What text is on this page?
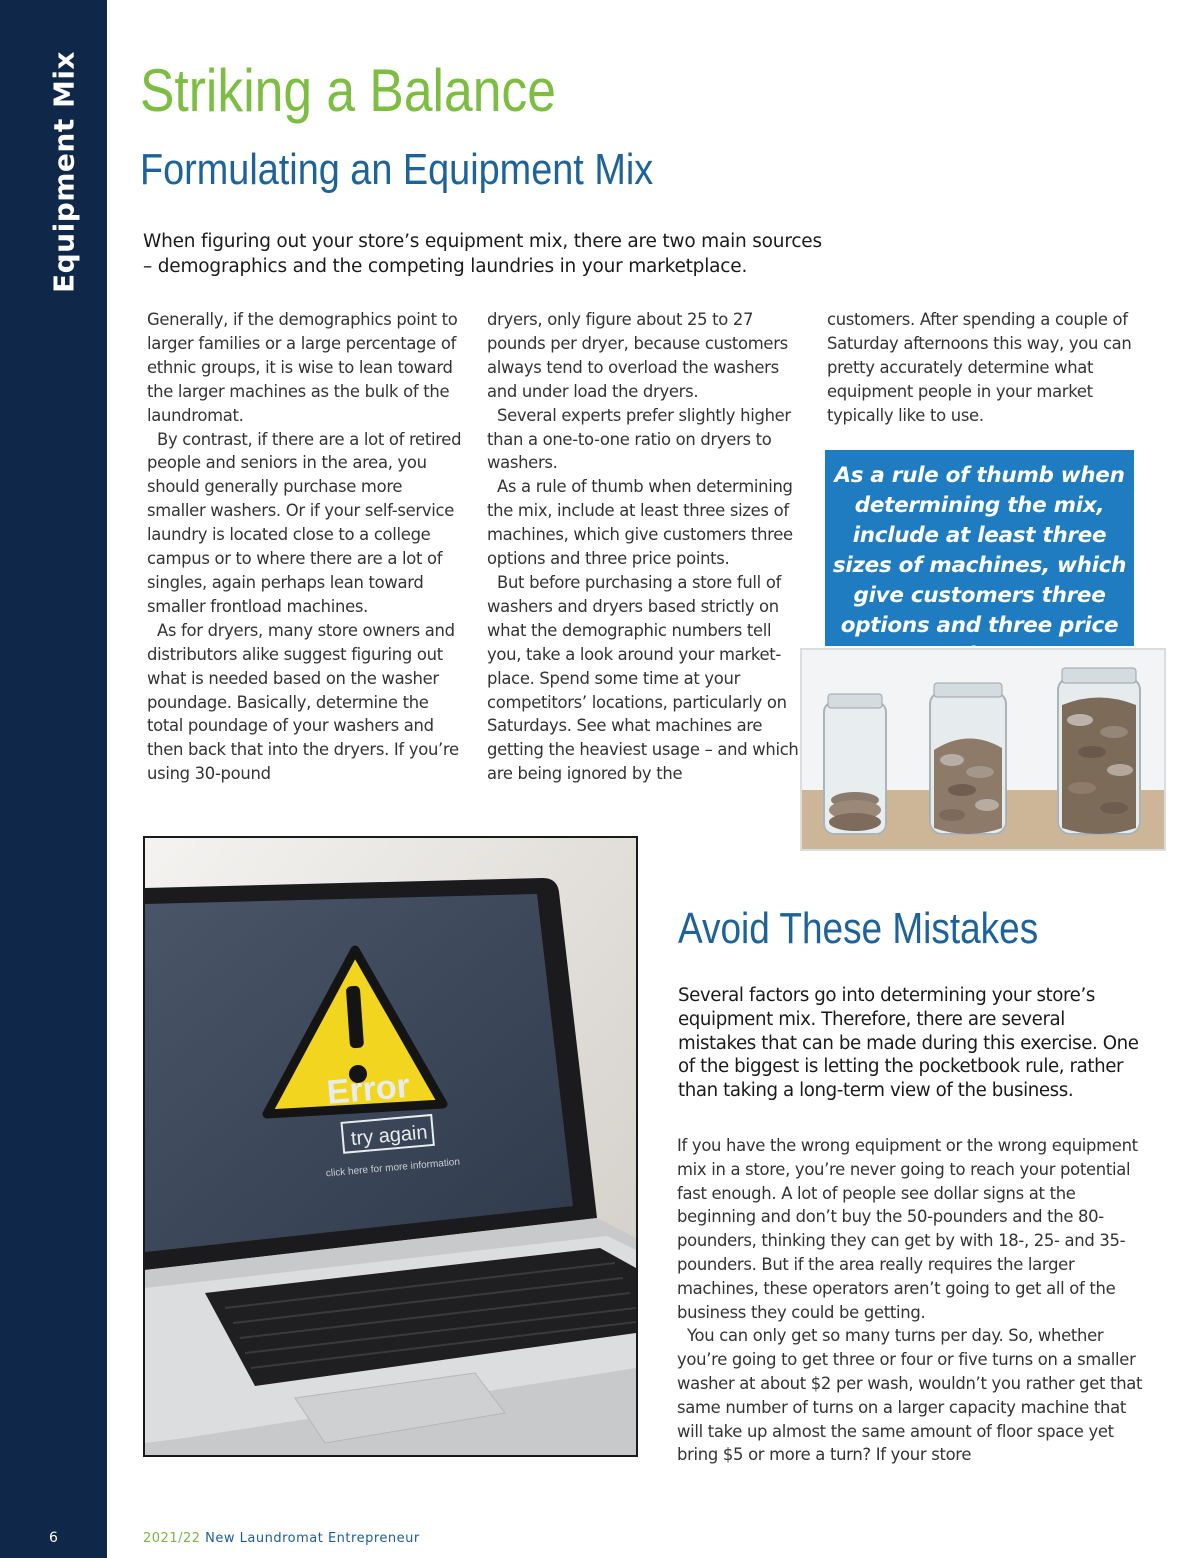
Equipment Mix
6
Striking a Balance
Formulating an Equipment Mix

When figuring out your store’s equipment mix, there are two main sources – demographics and the competing laundries in your marketplace.

Generally, if the demographics point to larger families or a large percentage of ethnic groups, it is wise to lean toward the larger machines as the bulk of the laundromat.

By contrast, if there are a lot of retired people and seniors in the area, you should generally purchase more smaller washers. Or if your self-service laundry is located close to a college campus or to where there are a lot of singles, again perhaps lean toward smaller frontload machines.

As for dryers, many store owners and distributors alike suggest figuring out what is needed based on the washer poundage. Basically, determine the total poundage of your washers and then back that into the dryers. If you’re using 30-pound

dryers, only figure about 25 to 27 pounds per dryer, because customers always tend to overload the washers and under load the dryers.

Several experts prefer slightly higher than a one-to-one ratio on dryers to washers.

As a rule of thumb when determining the mix, include at least three sizes of machines, which give customers three options and three price points.

But before purchasing a store full of washers and dryers based strictly on what the demographic numbers tell you, take a look around your market-place. Spend some time at your competitors’ locations, particularly on Saturdays. See what machines are getting the heaviest usage – and which are being ignored by the

customers. After spending a couple of Saturday afternoons this way, you can pretty accurately determine what equipment people in your market typically like to use.

As a rule of thumb when determining the mix, include at least three sizes of machines, which give customers three options and three price
Error
try again
click here for more information
Avoid These Mistakes

Several factors go into determining your store’s equipment mix. Therefore, there are several mistakes that can be made during this exercise. One of the biggest is letting the pocketbook rule, rather than taking a long-term view of the business.

If you have the wrong equipment or the wrong equipment mix in a store, you’re never going to reach your potential fast enough. A lot of people see dollar signs at the beginning and don’t buy the 50-pounders and the 80-pounders, thinking they can get by with 18-, 25- and 35-pounders. But if the area really requires the larger machines, these operators aren’t going to get all of the business they could be getting.

You can only get so many turns per day. So, whether you’re going to get three or four or five turns on a smaller washer at about $2 per wash, wouldn’t you rather get that same number of turns on a larger capacity machine that will take up almost the same amount of floor space yet bring $5 or more a turn? If your store

2021/22 New Laundromat Entrepreneur
